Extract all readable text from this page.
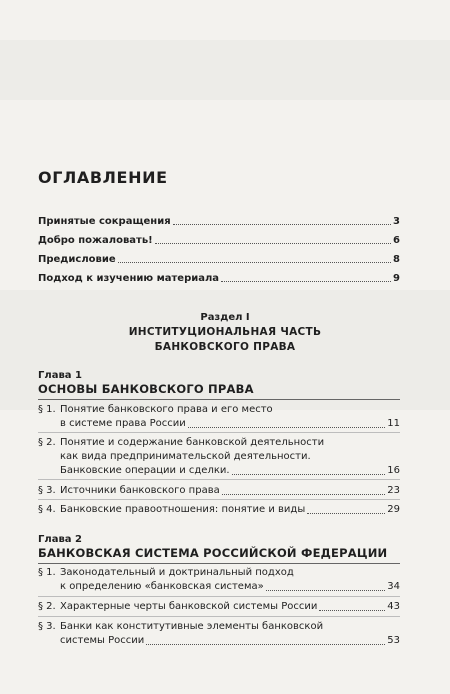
ОГЛАВЛЕНИЕ
Принятые сокращения	3
Добро пожаловать!	6
Предисловие	8
Подход к изучению материала	9
Раздел I
ИНСТИТУЦИОНАЛЬНАЯ ЧАСТЬ
БАНКОВСКОГО ПРАВА
Глава 1
ОСНОВЫ БАНКОВСКОГО ПРАВА
§ 1. Понятие банковского права и его место
в системе права России	11
§ 2. Понятие и содержание банковской деятельности
как вида предпринимательской деятельности.
Банковские операции и сделки.	16
§ 3. Источники банковского права	23
§ 4. Банковские правоотношения: понятие и виды	29
Глава 2
БАНКОВСКАЯ СИСТЕМА РОССИЙСКОЙ ФЕДЕРАЦИИ
§ 1. Законодательный и доктринальный подход
к определению «банковская система»	34
§ 2. Характерные черты банковской системы России	43
§ 3. Банки как конститутивные элементы банковской
системы России	53
